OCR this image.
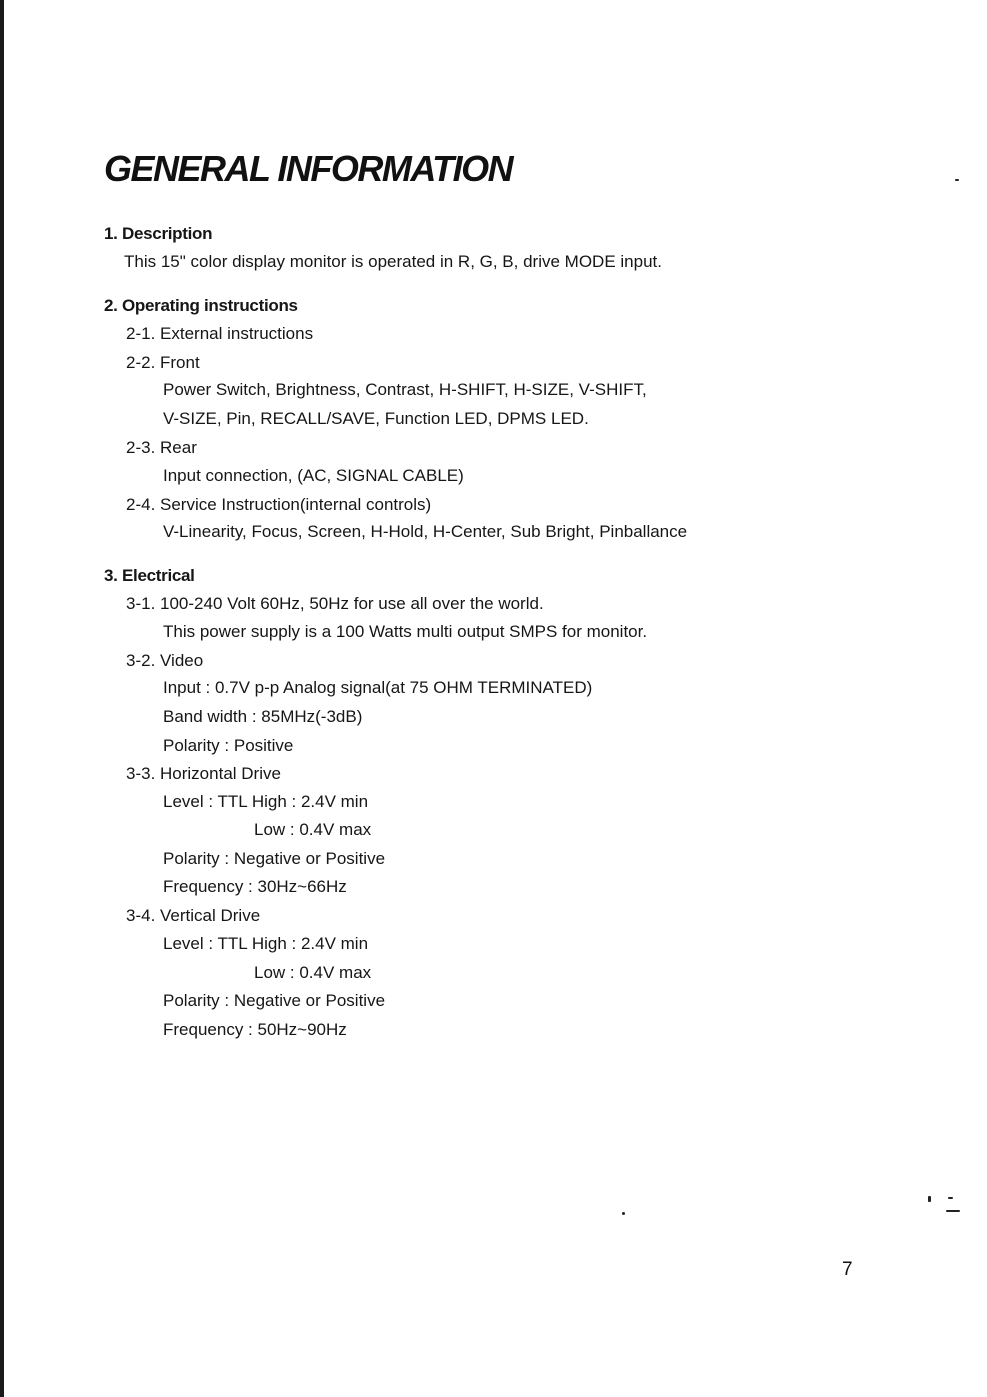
GENERAL INFORMATION
1. Description
This 15" color display monitor is operated in R, G, B, drive MODE input.
2. Operating instructions
2-1. External instructions
2-2. Front
Power Switch, Brightness, Contrast, H-SHIFT, H-SIZE, V-SHIFT,
V-SIZE, Pin, RECALL/SAVE, Function LED, DPMS LED.
2-3. Rear
Input connection, (AC, SIGNAL CABLE)
2-4. Service Instruction(internal controls)
V-Linearity, Focus, Screen, H-Hold, H-Center, Sub Bright, Pinballance
3. Electrical
3-1. 100-240 Volt 60Hz, 50Hz for use all over the world.
This power supply is a 100 Watts multi output SMPS for monitor.
3-2. Video
Input : 0.7V p-p Analog signal(at 75 OHM TERMINATED)
Band width : 85MHz(-3dB)
Polarity : Positive
3-3. Horizontal Drive
Level : TTL High : 2.4V min
Low : 0.4V max
Polarity : Negative or Positive
Frequency : 30Hz~66Hz
3-4. Vertical Drive
Level : TTL High : 2.4V min
Low : 0.4V max
Polarity : Negative or Positive
Frequency : 50Hz~90Hz
7
